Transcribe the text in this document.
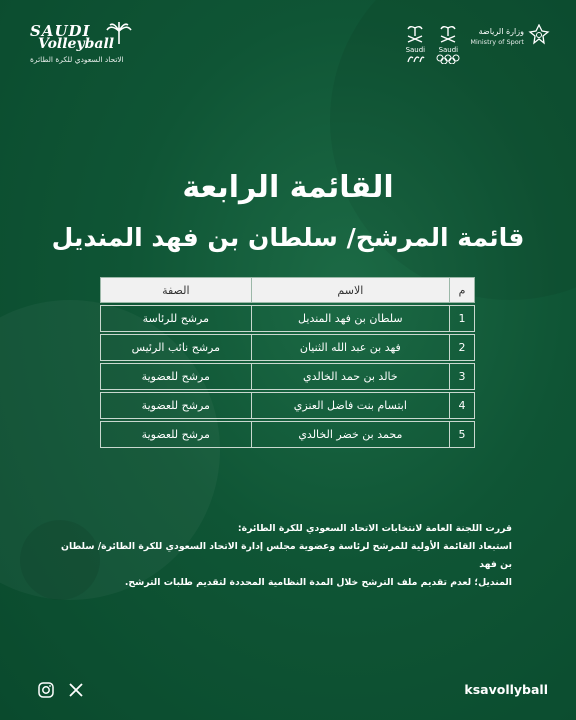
SAUDI
Volleyball
الاتحاد السعودي للكرة الطائرة
Saudi Saudi
وزارة الرياضة
Ministry of Sport
القائمة الرابعة
قائمة المرشح/ سلطان بن فهد المنديل
م	الاسم	الصفة

1	سلطان بن فهد المنديل	مرشح للرئاسة

2	فهد بن عبد الله الثنيان	مرشح نائب الرئيس

3	خالد بن حمد الخالدي	مرشح للعضوية

4	ابتسام بنت فاضل العنزي	مرشح للعضوية

5	محمد بن خضر الخالدي	مرشح للعضوية
قررت اللجنة العامة لانتخابات الاتحاد السعودي للكرة الطائرة:
استبعاد القائمة الأولية للمرشح لرئاسة وعضوية مجلس إدارة الاتحاد السعودي للكرة الطائرة/ سلطان بن فهد
المنديل؛ لعدم تقديم ملف الترشح خلال المدة النظامية المحددة لتقديم طلبات الترشح.
ksavollyball
